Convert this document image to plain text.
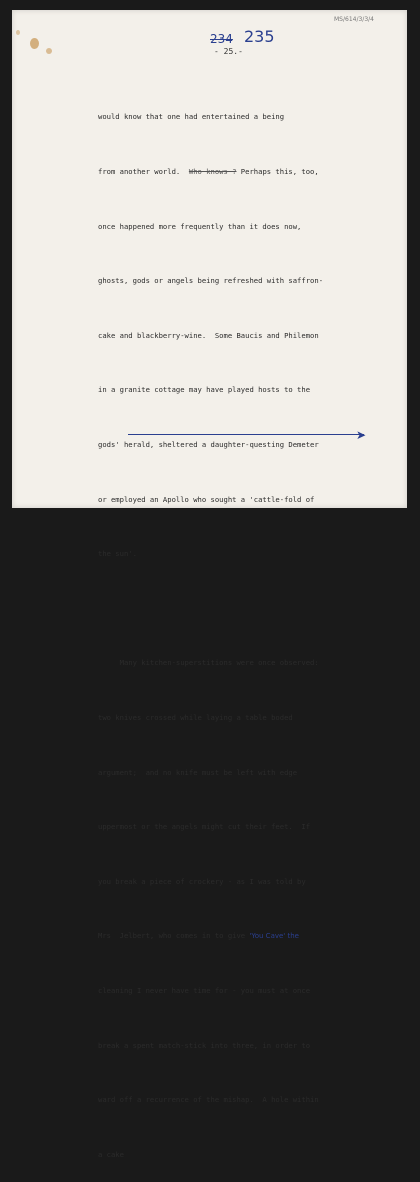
MS/614/3/3/4
234 235
- 25.-

would know that one had entertained a being

from another world. Who knows ? Perhaps this, too,

once happened more frequently than it does now,

ghosts, gods or angels being refreshed with saffron-

cake and blackberry-wine.  Some Baucis and Philemon

in a granite cottage may have played hosts to the

gods' herald, sheltered a daughter-questing Demeter

or employed an Apollo who sought a 'cattle-fold of

the sun'.

Many kitchen-superstitions were once observed:

two knives crossed while laying a table boded

argument;  and no knife must be left with edge

uppermost or the angels might cut their feet.  If

you break a piece of crockery - as I was told by

Mrs  Jelbert, who comes in to give 'You Cave' the

cleaning I never have time for - you must at once

break a spent match-stick into three, in order to

ward off a recurrence of the mishap.  A hole within

a cake

➤
